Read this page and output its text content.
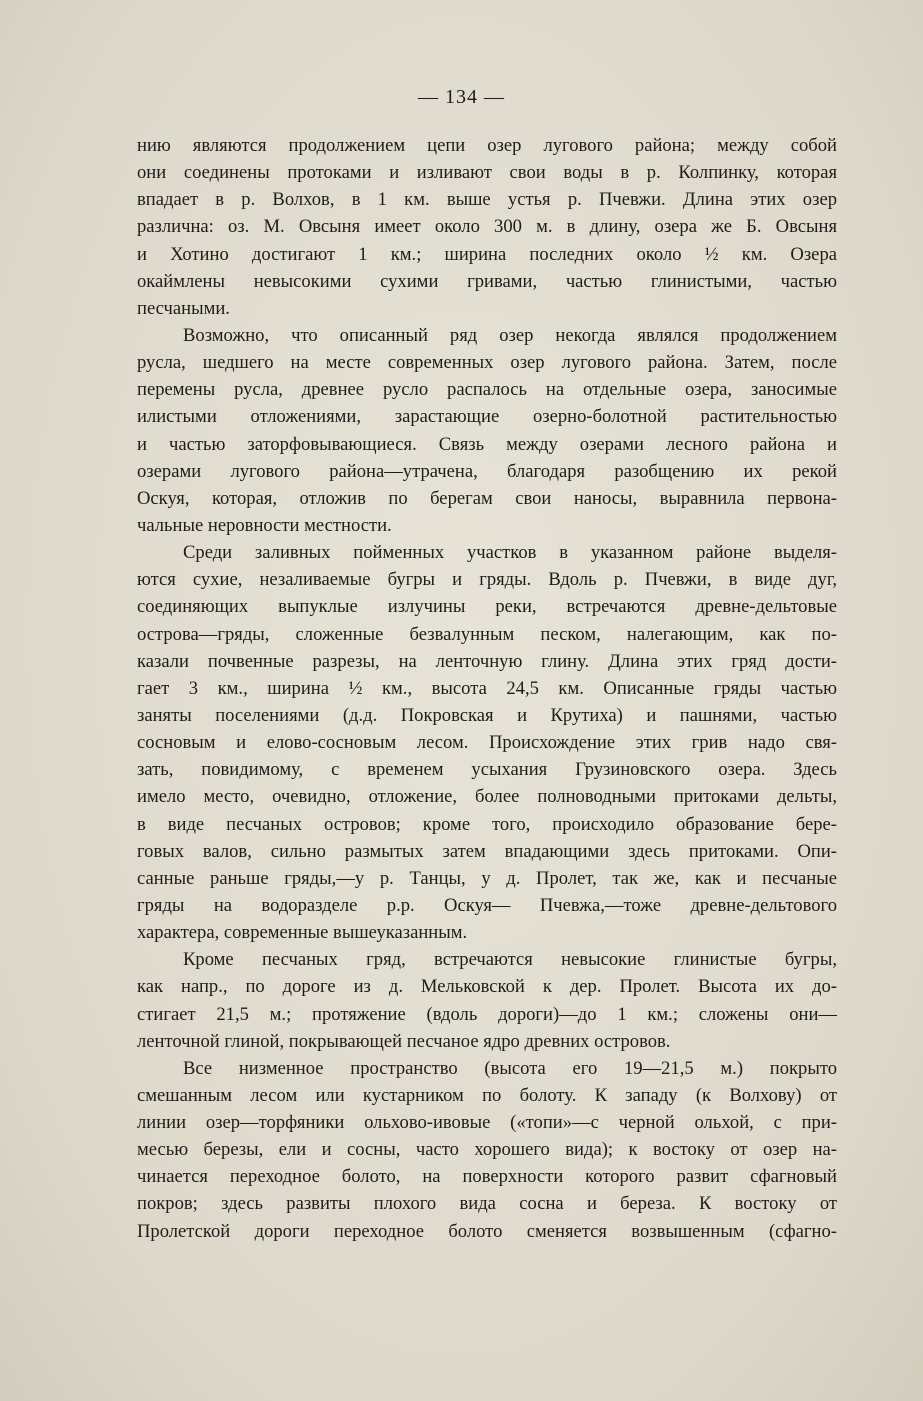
— 134 —
нию являются продолжением цепи озер лугового района; между собой
они соединены протоками и изливают свои воды в р. Колпинку, которая
впадает в р. Волхов, в 1 км. выше устья р. Пчевжи. Длина этих озер
различна: оз. М. Овсыня имеет около 300 м. в длину, озера же Б. Овсыня
и Хотино достигают 1 км.; ширина последних около ½ км. Озера
окаймлены невысокими сухими гривами, частью глинистыми, частью
песчаными.
Возможно, что описанный ряд озер некогда являлся продолжением
русла, шедшего на месте современных озер лугового района. Затем, после
перемены русла, древнее русло распалось на отдельные озера, заносимые
илистыми отложениями, зарастающие озерно-болотной растительностью
и частью заторфовывающиеся. Связь между озерами лесного района и
озерами лугового района—утрачена, благодаря разобщению их рекой
Оскуя, которая, отложив по берегам свои наносы, выравнила первона-
чальные неровности местности.
Среди заливных пойменных участков в указанном районе выделя-
ются сухие, незаливаемые бугры и гряды. Вдоль р. Пчевжи, в виде дуг,
соединяющих выпуклые излучины реки, встречаются древне-дельтовые
острова—гряды, сложенные безвалунным песком, налегающим, как по-
казали почвенные разрезы, на ленточную глину. Длина этих гряд дости-
гает 3 км., ширина ½ км., высота 24,5 км. Описанные гряды частью
заняты поселениями (д.д. Покровская и Крутиха) и пашнями, частью
сосновым и елово-сосновым лесом. Происхождение этих грив надо свя-
зать, повидимому, с временем усыхания Грузиновского озера. Здесь
имело место, очевидно, отложение, более полноводными притоками дельты,
в виде песчаных островов; кроме того, происходило образование бере-
говых валов, сильно размытых затем впадающими здесь притоками. Опи-
санные раньше гряды,—у р. Танцы, у д. Пролет, так же, как и песчаные
гряды на водоразделе р.р. Оскуя— Пчевжа,—тоже древне-дельтового
характера, современные вышеуказанным.
Кроме песчаных гряд, встречаются невысокие глинистые бугры,
как напр., по дороге из д. Мельковской к дер. Пролет. Высота их до-
стигает 21,5 м.; протяжение (вдоль дороги)—до 1 км.; сложены они—
ленточной глиной, покрывающей песчаное ядро древних островов.
Все низменное пространство (высота его 19—21,5 м.) покрыто
смешанным лесом или кустарником по болоту. К западу (к Волхову) от
линии озер—торфяники ольхово-ивовые («топи»—с черной ольхой, с при-
месью березы, ели и сосны, часто хорошего вида); к востоку от озер на-
чинается переходное болото, на поверхности которого развит сфагновый
покров; здесь развиты плохого вида сосна и береза. К востоку от
Пролетской дороги переходное болото сменяется возвышенным (сфагно-
